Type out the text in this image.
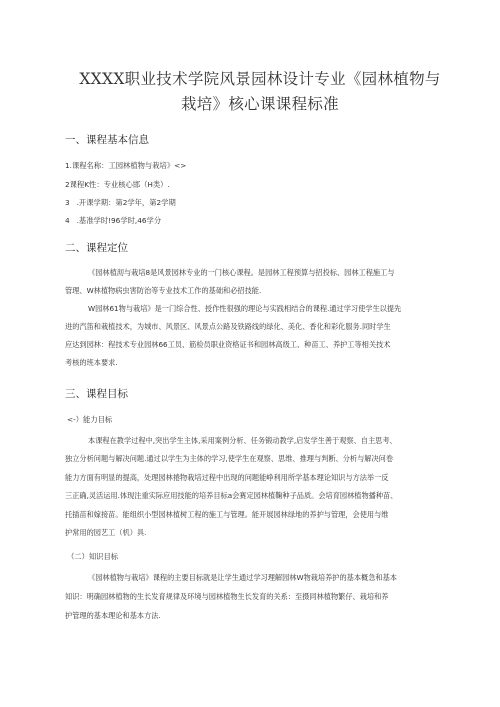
XXXX职业技术学院风景园林设计专业《园林植物与
栽培》核心课课程标准
一、课程基本信息
1.课程名称：工园林植物与栽培》<>
2课程K性：专业核心邯（H类）.
3   .开课学期：第2学年，第2学期
4   .基准学时!96学时,46学分
二、课程定位
《园林植沏与栽培8是风景园林专业的一门核心课程。是园林工程预算与招投标、园林工程施工与
管理、W林植物病虫害防治等专业技术工作的基础和必招技能.
W园林61物与栽培》是一门综合性、授作性很强的理论与实践相结合的课程.通过学习使学生以提先
进的汽笛和栽植技术，为城市、风景区、风景点公路及铁路线的绿化、美化、香化和彩化服务.同时学生
应达到园林：程技术专业园林66工员、筋检员职业资格证书和园林高级工、种苗工、养护工等相关技术
考核的班本要求.
三、课程目标
<-）能力目标
本课程在教学过程中,突出学生主体,采用案例分析、任务锻动教学,启发学生善于观察、自主思考、
独立分析问题与解决问题.通过以学生为主体的学习,使学生在观察、思维、推理与判断、分析与解决问卷
能力方面有明显的提高，处理园林捲物栽培过程中出现的问题能峥利用所学基本理论知识与方法举一反
三正确,灵活运用.体现注重实际应用技能的培养目标a会赛定园林植鞠种子品质。会培育园林植物播种苗、
托插苗和嫁接苗。能组织小型园林植树工程的施工与管理。能开展园林绿地的养护与管理，会使用与维
护常用的园艺工（机）具.
（二）知识目标
《园林植物与栽培》课程的主要目标就是让学生通过学习理解园林W物栽培养护的基本概急和基本
知识：明确园林植物的生长发育规律及环境与园林植物生长发育的关系：至摄同林植物繁仔、栽培和养
护管理的基本理论和基本方法.
